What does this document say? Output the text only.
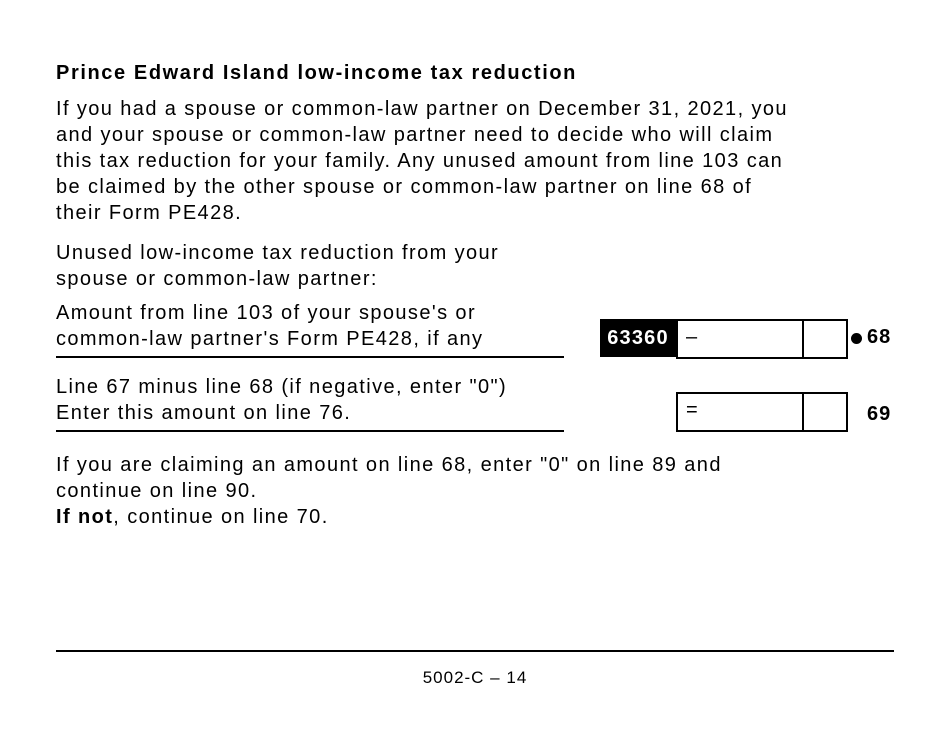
Prince Edward Island low-income tax reduction
If you had a spouse or common-law partner on December 31, 2021, you
and your spouse or common-law partner need to decide who will claim
this tax reduction for your family. Any unused amount from line 103 can
be claimed by the other spouse or common-law partner on line 68 of
their Form PE428.
Unused low-income tax reduction from your
spouse or common-law partner:
Amount from line 103 of your spouse's or
common-law partner's Form PE428, if any	63360 –	68
Line 67 minus line 68 (if negative, enter "0")
Enter this amount on line 76.	=	69
If you are claiming an amount on line 68, enter "0" on line 89 and
continue on line 90.
If not, continue on line 70.
5002-C – 14
